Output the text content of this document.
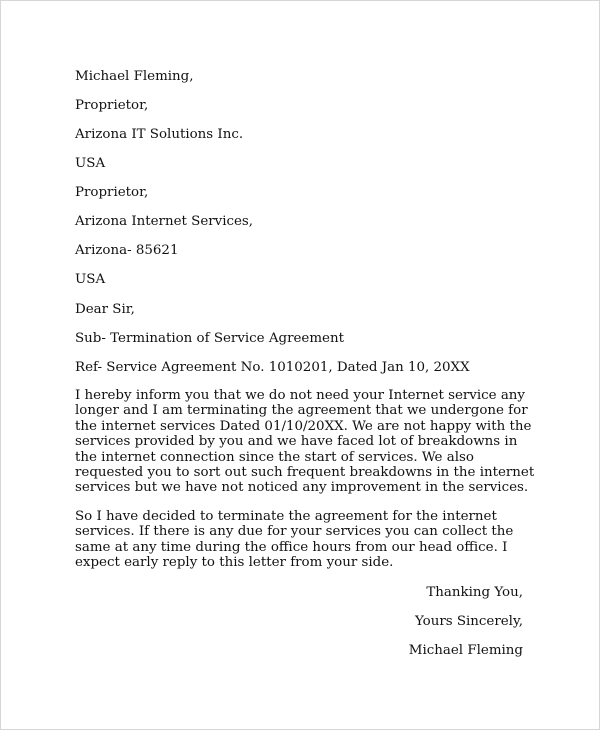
Michael Fleming,
Proprietor,
Arizona IT Solutions Inc.
USA
Proprietor,
Arizona Internet Services,
Arizona- 85621
USA
Dear Sir,
Sub- Termination of Service Agreement
Ref- Service Agreement No. 1010201, Dated Jan 10, 20XX
I hereby inform you that we do not need your Internet service any
longer and I am terminating the agreement that we undergone for
the internet services Dated 01/10/20XX. We are not happy with the
services provided by you and we have faced lot of breakdowns in
the internet connection since the start of services. We also
requested you to sort out such frequent breakdowns in the internet
services but we have not noticed any improvement in the services.
So I have decided to terminate the agreement for the internet
services. If there is any due for your services you can collect the
same at any time during the office hours from our head office. I
expect early reply to this letter from your side.
Thanking You,
Yours Sincerely,
Michael Fleming
